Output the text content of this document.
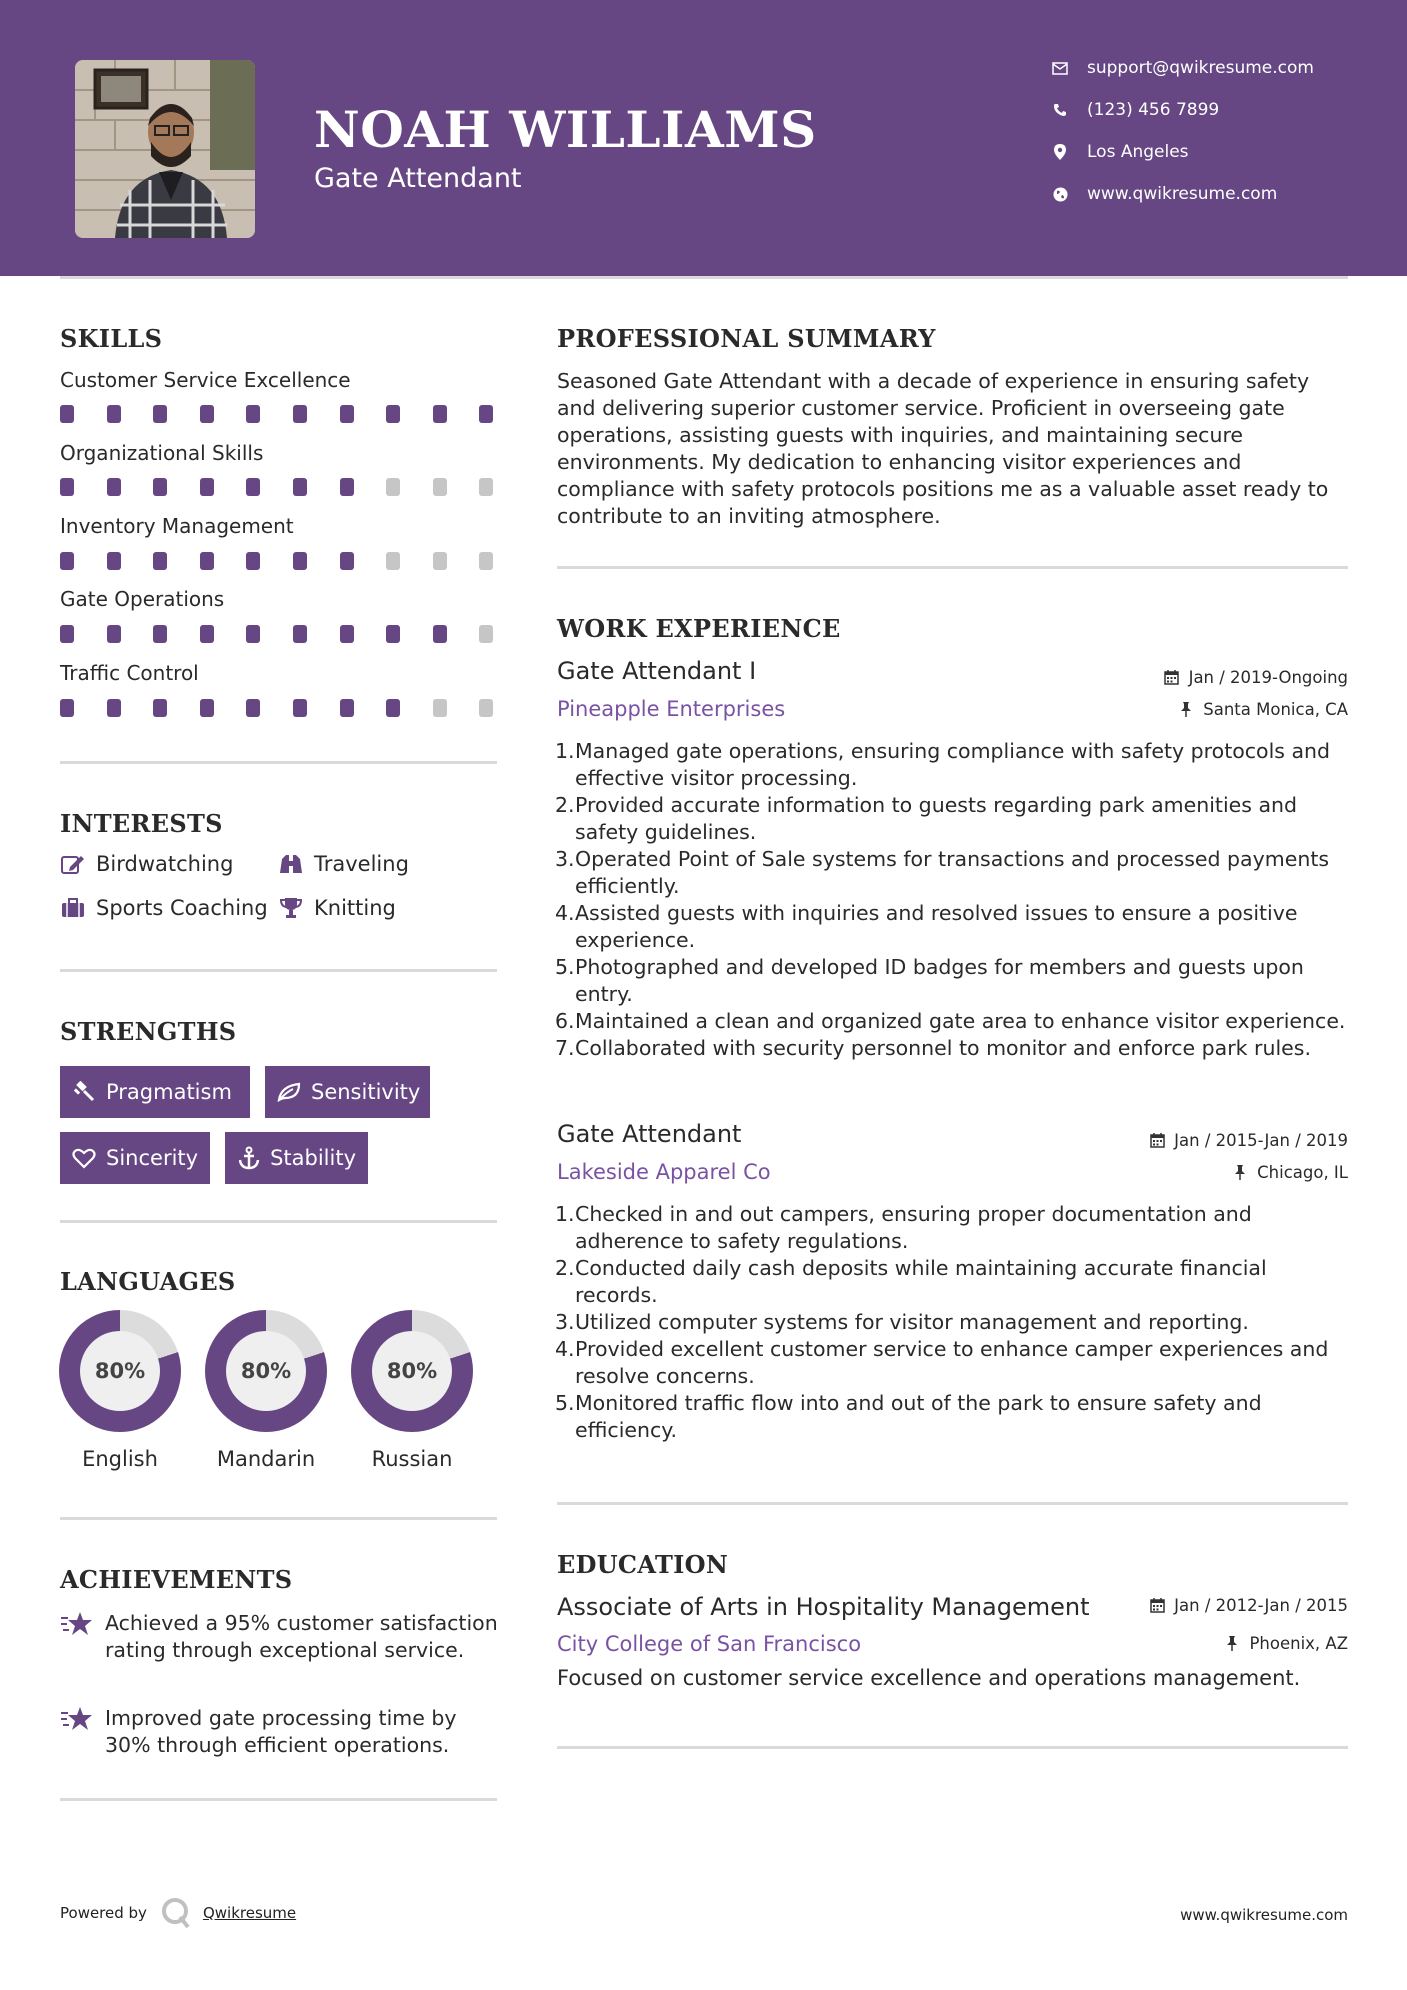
NOAH WILLIAMS
Gate Attendant
support@qwikresume.com
(123) 456 7899
Los Angeles
www.qwikresume.com
SKILLS
Customer Service Excellence
Organizational Skills
Inventory Management
Gate Operations
Traffic Control
INTERESTS
Birdwatching	Traveling
Sports Coaching Knitting
STRENGTHS
Pragmatism	Sensitivity
Sincerity	Stability
LANGUAGES
80%	80%	80%
English	Mandarin	Russian
ACHIEVEMENTS
Achieved a 95% customer satisfaction rating through exceptional service.
Improved gate processing time by 30% through efficient operations.
PROFESSIONAL SUMMARY
Seasoned Gate Attendant with a decade of experience in ensuring safety and delivering superior customer service. Proficient in overseeing gate operations, assisting guests with inquiries, and maintaining secure environments. My dedication to enhancing visitor experiences and compliance with safety protocols positions me as a valuable asset ready to contribute to an inviting atmosphere.
WORK EXPERIENCE
Gate Attendant I	Jan / 2019-Ongoing
Pineapple Enterprises	Santa Monica, CA
1. Managed gate operations, ensuring compliance with safety protocols and effective visitor processing.
2. Provided accurate information to guests regarding park amenities and safety guidelines.
3. Operated Point of Sale systems for transactions and processed payments efficiently.
4. Assisted guests with inquiries and resolved issues to ensure a positive experience.
5. Photographed and developed ID badges for members and guests upon entry.
6. Maintained a clean and organized gate area to enhance visitor experience.
7. Collaborated with security personnel to monitor and enforce park rules.
Gate Attendant	Jan / 2015-Jan / 2019
Lakeside Apparel Co	Chicago, IL
1. Checked in and out campers, ensuring proper documentation and adherence to safety regulations.
2. Conducted daily cash deposits while maintaining accurate financial records.
3. Utilized computer systems for visitor management and reporting.
4. Provided excellent customer service to enhance camper experiences and resolve concerns.
5. Monitored traffic flow into and out of the park to ensure safety and efficiency.
EDUCATION
Associate of Arts in Hospitality Management	Jan / 2012-Jan / 2015
City College of San Francisco	Phoenix, AZ
Focused on customer service excellence and operations management.
Powered by	Qwikresume	www.qwikresume.com
